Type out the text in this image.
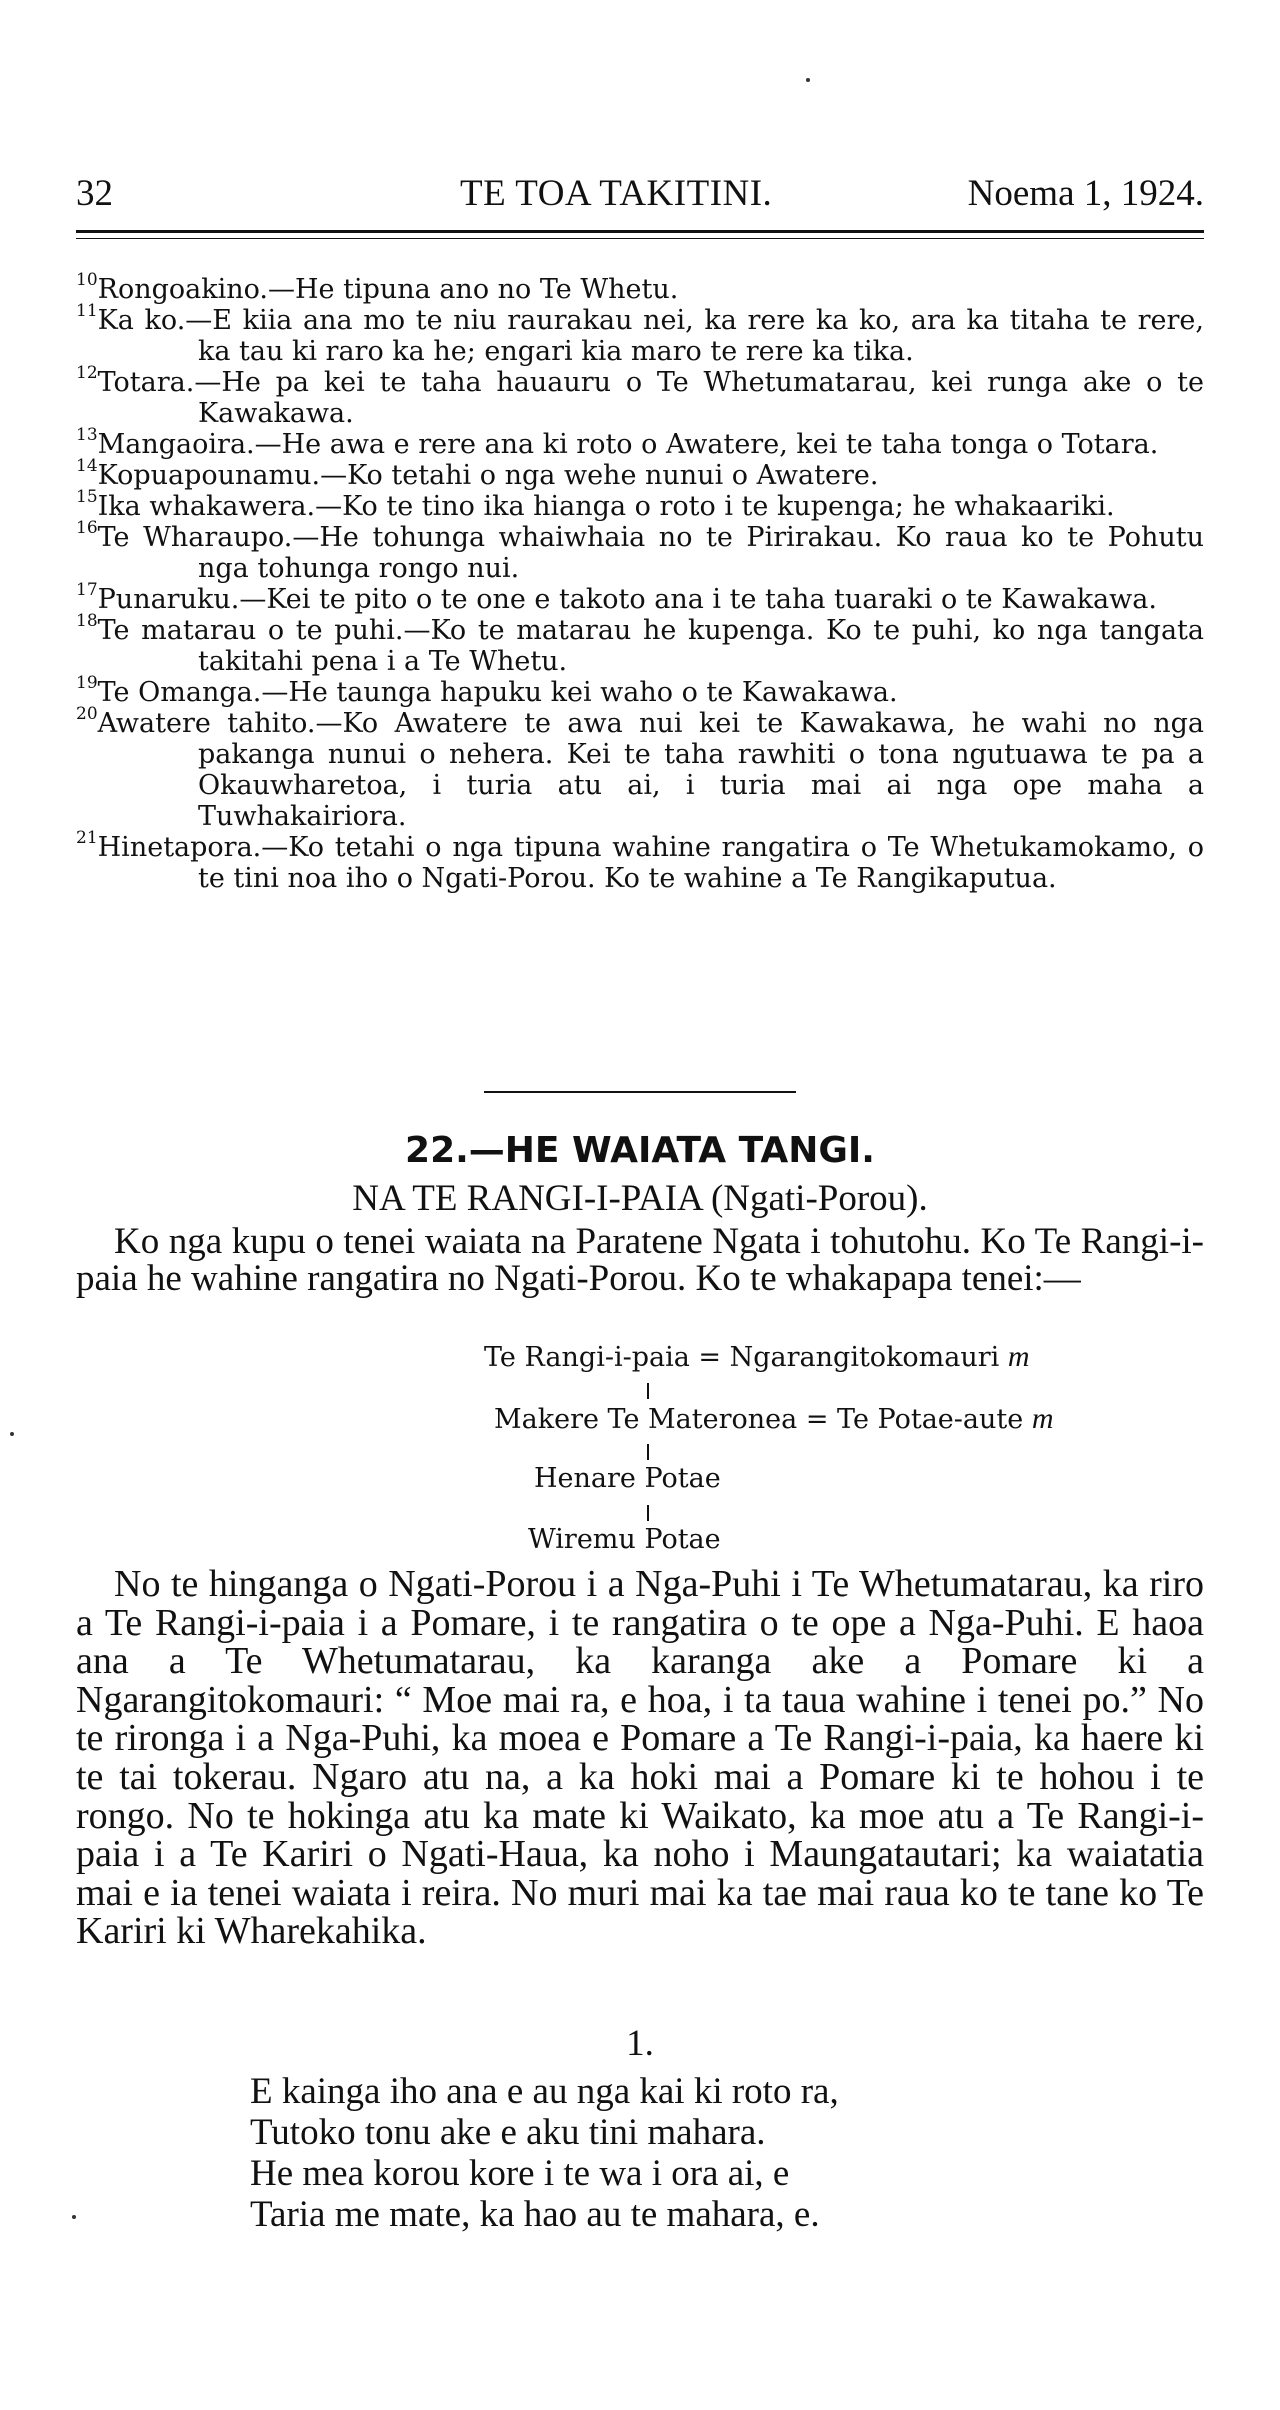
32	TE TOA TAKITINI.	Noema 1, 1924.

$^{10}$Rongoakino.—He tipuna ano no Te Whetu.

$^{11}$Ka ko.—E kiia ana mo te niu raurakau nei, ka rere ka ko, ara ka titaha te rere, ka tau ki raro ka he; engari kia maro te rere ka tika.

$^{12}$Totara.—He pa kei te taha hauauru o Te Whetumatarau, kei runga ake o te Kawakawa.

$^{13}$Mangaoira.—He awa e rere ana ki roto o Awatere, kei te taha tonga o Totara.

$^{14}$Kopuapounamu.—Ko tetahi o nga wehe nunui o Awatere.

$^{15}$Ika whakawera.—Ko te tino ika hianga o roto i te kupenga; he whakaariki.

$^{16}$Te Wharaupo.—He tohunga whaiwhaia no te Pirirakau. Ko raua ko te Pohutu nga tohunga rongo nui.

$^{17}$Punaruku.—Kei te pito o te one e takoto ana i te taha tuaraki o te Kawakawa.

$^{18}$Te matarau o te puhi.—Ko te matarau he kupenga. Ko te puhi, ko nga tangata takitahi pena i a Te Whetu.

$^{19}$Te Omanga.—He taunga hapuku kei waho o te Kawakawa.

$^{20}$Awatere tahito.—Ko Awatere te awa nui kei te Kawakawa, he wahi no nga pakanga nunui o nehera. Kei te taha rawhiti o tona ngutuawa te pa a Okauwharetoa, i turia atu ai, i turia mai ai nga ope maha a Tuwhakairiora.

$^{21}$Hinetapora.—Ko tetahi o nga tipuna wahine rangatira o Te Whetukamokamo, o te tini noa iho o Ngati-Porou. Ko te wahine a Te Rangikaputua.

22.—HE WAIATA TANGI.
NA TE RANGI-I-PAIA (Ngati-Porou).

Ko nga kupu o tenei waiata na Paratene Ngata i tohutohu. Ko Te Rangi-i-paia he wahine rangatira no Ngati-Porou. Ko te whakapapa tenei:—

Te Rangi-i-paia = Ngarangitokomauri m
Makere Te Materonea = Te Potae-aute m
Henare Potae
Wiremu Potae

No te hinganga o Ngati-Porou i a Nga-Puhi i Te Whetumatarau, ka riro a Te Rangi-i-paia i a Pomare, i te rangatira o te ope a Nga-Puhi. E haoa ana a Te Whetumatarau, ka karanga ake a Pomare ki a Ngarangitokomauri: “ Moe mai ra, e hoa, i ta taua wahine i tenei po.” No te rironga i a Nga-Puhi, ka moea e Pomare a Te Rangi-i-paia, ka haere ki te tai tokerau. Ngaro atu na, a ka hoki mai a Pomare ki te hohou i te rongo. No te hokinga atu ka mate ki Waikato, ka moe atu a Te Rangi-i-paia i a Te Kariri o Ngati-Haua, ka noho i Maungatautari; ka waiatatia mai e ia tenei waiata i reira. No muri mai ka tae mai raua ko te tane ko Te Kariri ki Wharekahika.

1.
E kainga iho ana e au nga kai ki roto ra,
Tutoko tonu ake e aku tini mahara.
He mea korou kore i te wa i ora ai, e
Taria me mate, ka hao au te mahara, e.
